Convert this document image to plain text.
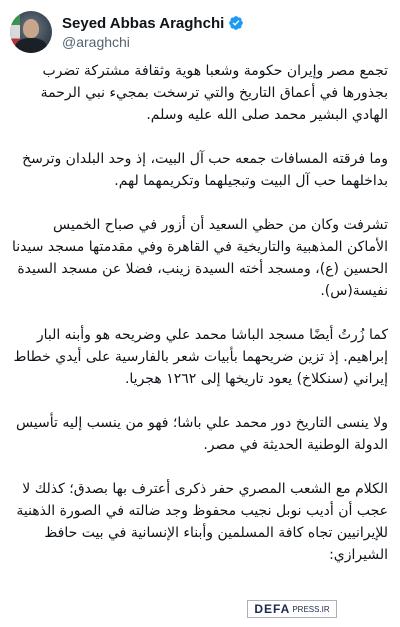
Seyed Abbas Araghchi
@araghchi

تجمع مصر وإيران حكومة وشعبا هوية وثقافة مشتركة تضرب بجذورها في أعماق التاريخ والتي ترسخت بمجيء نبي الرحمة الهادي البشير محمد صلى الله عليه وسلم.

وما فرقته المسافات جمعه حب آل البيت، إذ وحد البلدان وترسخ بداخلهما حب آل البيت وتبجيلهما وتكريمهما لهم.

تشرفت وكان من حظي السعيد أن أزور في صباح الخميس الأماكن المذهبية والتاريخية في القاهرة وفي مقدمتها مسجد سيدنا الحسين (ع)، ومسجد أخته السيدة زينب، فضلا عن مسجد السيدة نفيسة(س).

كما زُرتُ أيضًا مسجد الباشا محمد علي وضريحه هو وأبنه البار إبراهيم. إذ تزين ضريحهما بأبيات شعر بالفارسية على أيدي خطاط إيراني (سنكلاخ) يعود تاريخها إلى ١٢٦٢ هجريا.

ولا ينسى التاريخ دور محمد علي باشا؛ فهو من ينسب إليه تأسيس الدولة الوطنية الحديثة في مصر.

الكلام مع الشعب المصري حفر ذكرى أعترف بها بصدق؛ كذلك لا عجب أن أديب نوبل نجيب محفوظ وجد ضالته في الصورة الذهنية للإيرانيين تجاه كافة المسلمين وأبناء الإنسانية في بيت حافظ الشيرازي:

DEFA PRESS.IR
